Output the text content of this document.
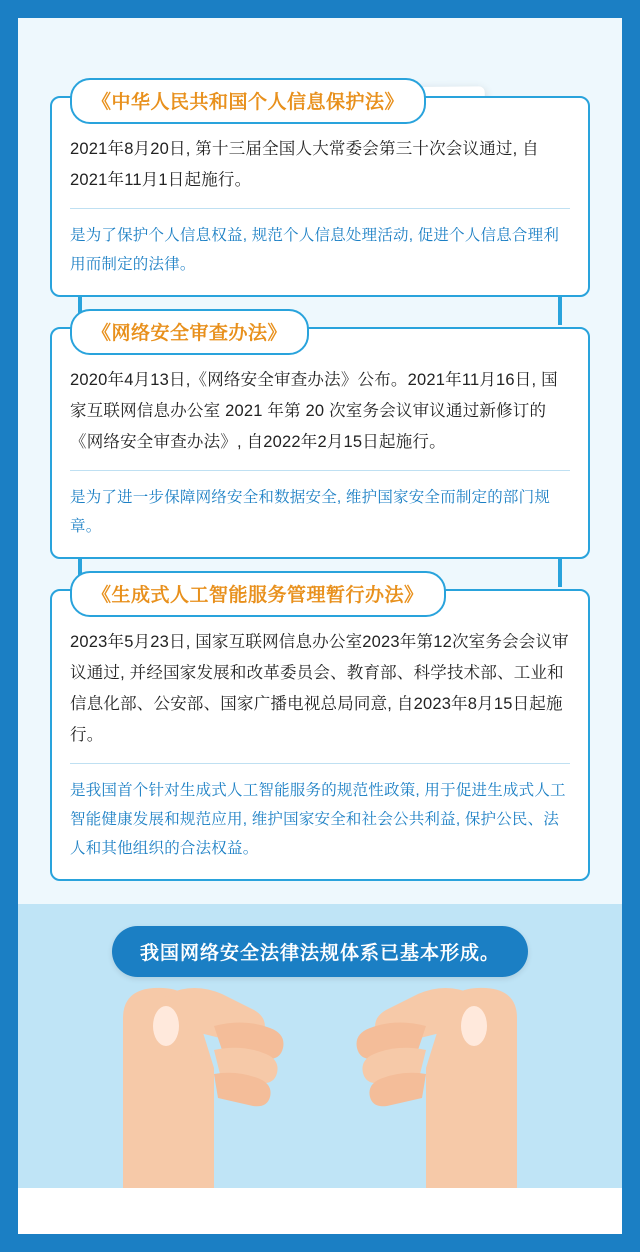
我国网络安全法律法规体系已基本形成。
《中华人民共和国个人信息保护法》
2021年8月20日, 第十三届全国人大常委会第三十次会议通过, 自2021年11月1日起施行。
是为了保护个人信息权益, 规范个人信息处理活动, 促进个人信息合理利用而制定的法律。
《网络安全审查办法》
2020年4月13日,《网络安全审查办法》公布。2021年11月16日, 国家互联网信息办公室 2021 年第 20 次室务会议审议通过新修订的《网络安全审查办法》, 自2022年2月15日起施行。
是为了进一步保障网络安全和数据安全, 维护国家安全而制定的部门规章。
《生成式人工智能服务管理暂行办法》
2023年5月23日, 国家互联网信息办公室2023年第12次室务会会议审议通过, 并经国家发展和改革委员会、教育部、科学技术部、工业和信息化部、公安部、国家广播电视总局同意, 自2023年8月15日起施行。
是我国首个针对生成式人工智能服务的规范性政策, 用于促进生成式人工智能健康发展和规范应用, 维护国家安全和社会公共利益, 保护公民、法人和其他组织的合法权益。
